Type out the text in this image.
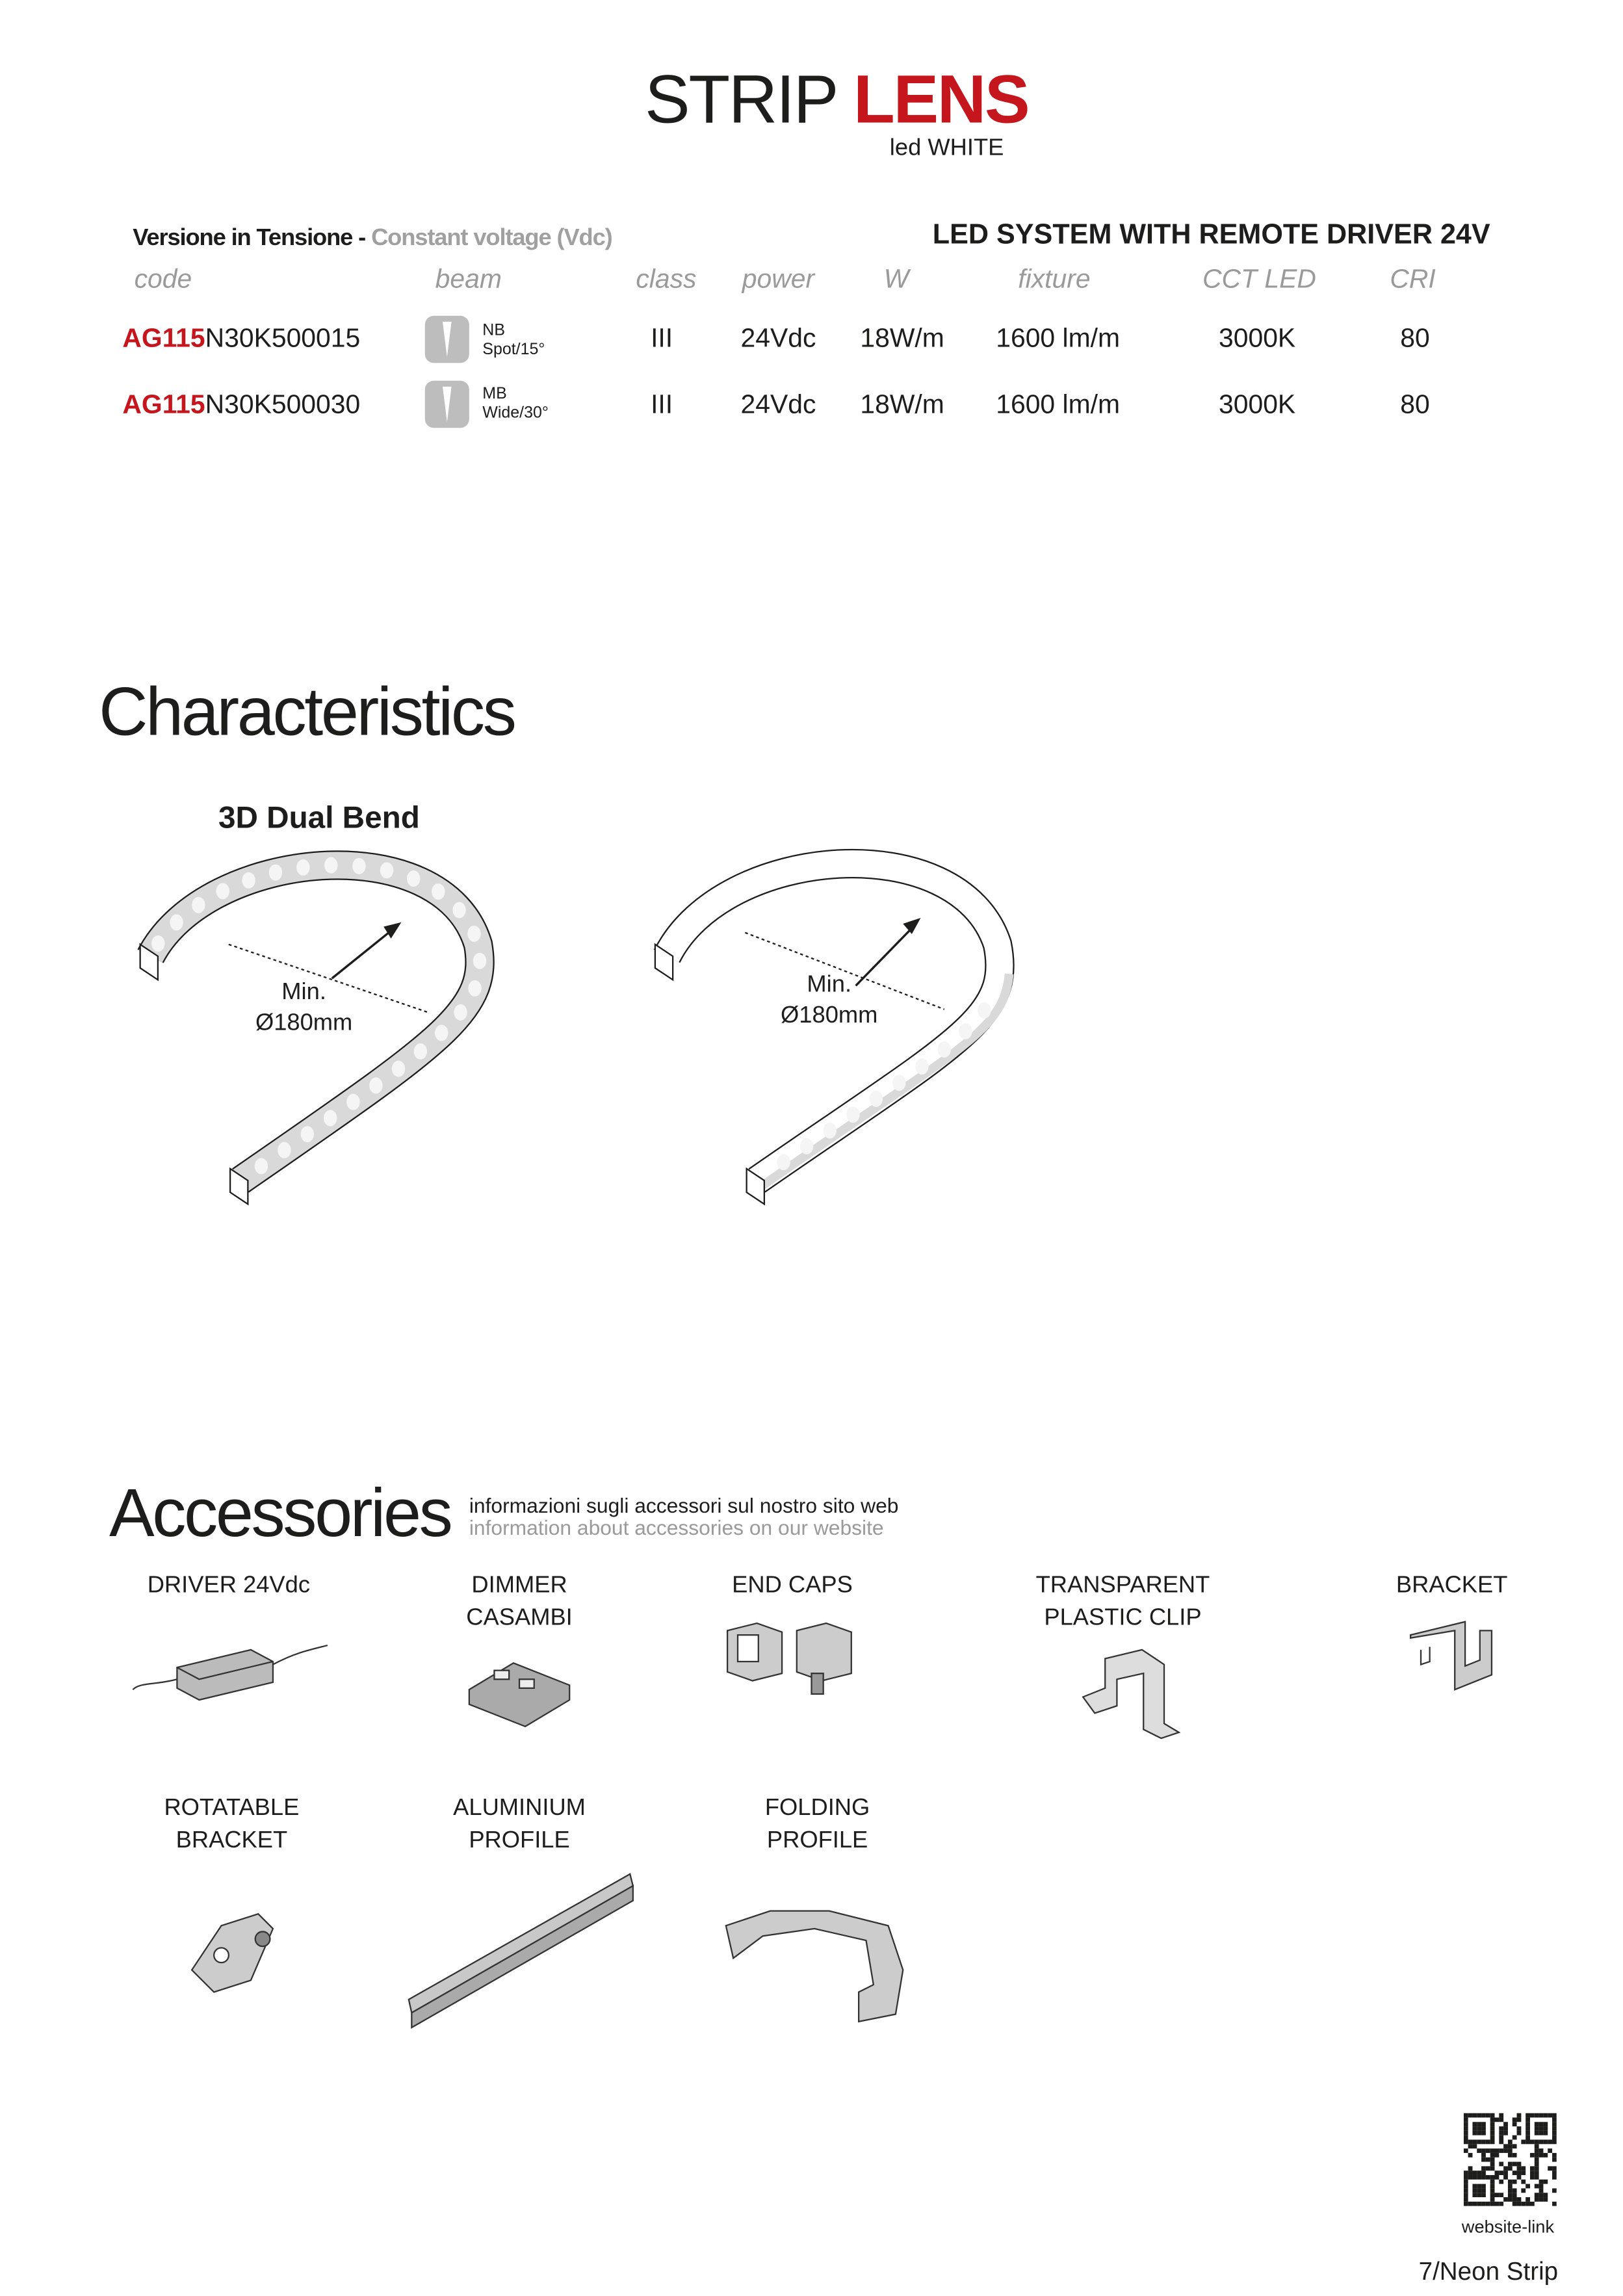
STRIP LENS
led WHITE
Versione in Tensione - Constant voltage (Vdc)	LED SYSTEM WITH REMOTE DRIVER 24V
code	beam	class	power	W	fixture	CCT LED	CRI
AG115N30K500015	NB
Spot/15°	III	24Vdc	18W/m	1600 lm/m	3000K	80
AG115N30K500030	MB
Wide/30°	III	24Vdc	18W/m	1600 lm/m	3000K	80
Characteristics
3D Dual Bend
Min.
Ø180mm
Min.
Ø180mm
Accessories informazioni sugli accessori sul nostro sito web
information about accessories on our website
DRIVER 24Vdc	DIMMER
CASAMBI
END CAPS	TRANSPARENT
PLASTIC CLIP
BRACKET
ROTATABLE
BRACKET
ALUMINIUM
PROFILE
FOLDING
PROFILE
website-link
7/Neon Strip
